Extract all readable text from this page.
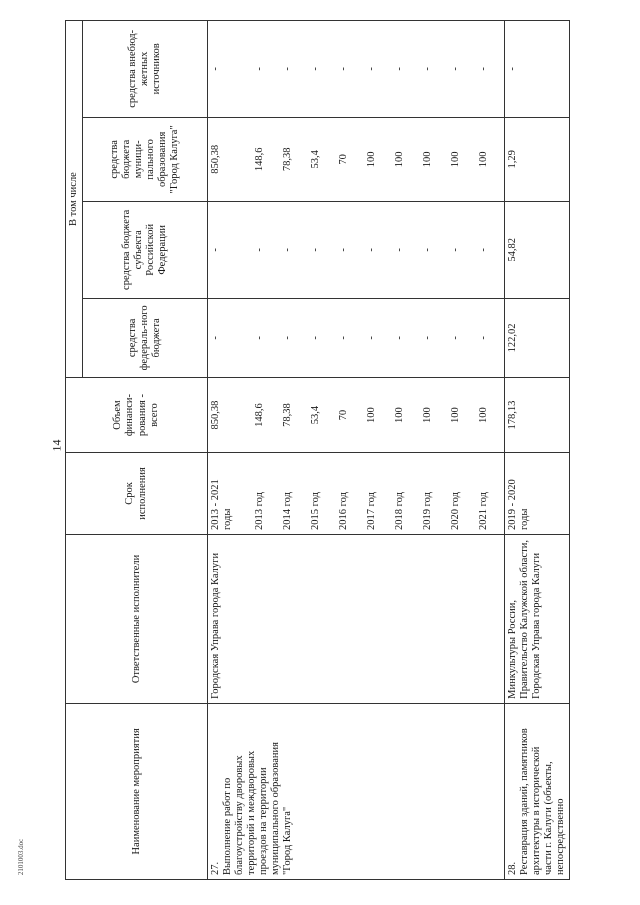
14
2101003.doc
Наименование мероприятия	Ответственные исполнители	Срок исполнения	Объем финанси-рования - всего	В том числе			
				средства федераль-ного бюджета	средства бюджета субъекта Российской Федерации	средства бюджета муници-пального образования "Город Калуга"	средства внебюд-жетных источников
27.Выполнение работ по благоустройству дворовых территорий и междворовых проездов на территории муниципального образования "Город Калуга"	Городская Управа города Калуги	2013 - 2021 годы	850,38	-	-	850,38	-
		2013 год	148,6	-	-	148,6	-
		2014 год	78,38	-	-	78,38	-
		2015 год	53,4	-	-	53,4	-
		2016 год	70	-	-	70	-
		2017 год	100	-	-	100	-
		2018 год	100	-	-	100	-
		2019 год	100	-	-	100	-
		2020 год	100	-	-	100	-
		2021 год	100	-	-	100	-
28.Реставрация зданий, памятников архитектуры в исторической части г. Калуги (объекты, непосредственно	Минкультуры России, Правительство Калужской области, Городская Управа города Калуги	2019 - 2020 годы	178,13	122,02	54,82	1,29	-
